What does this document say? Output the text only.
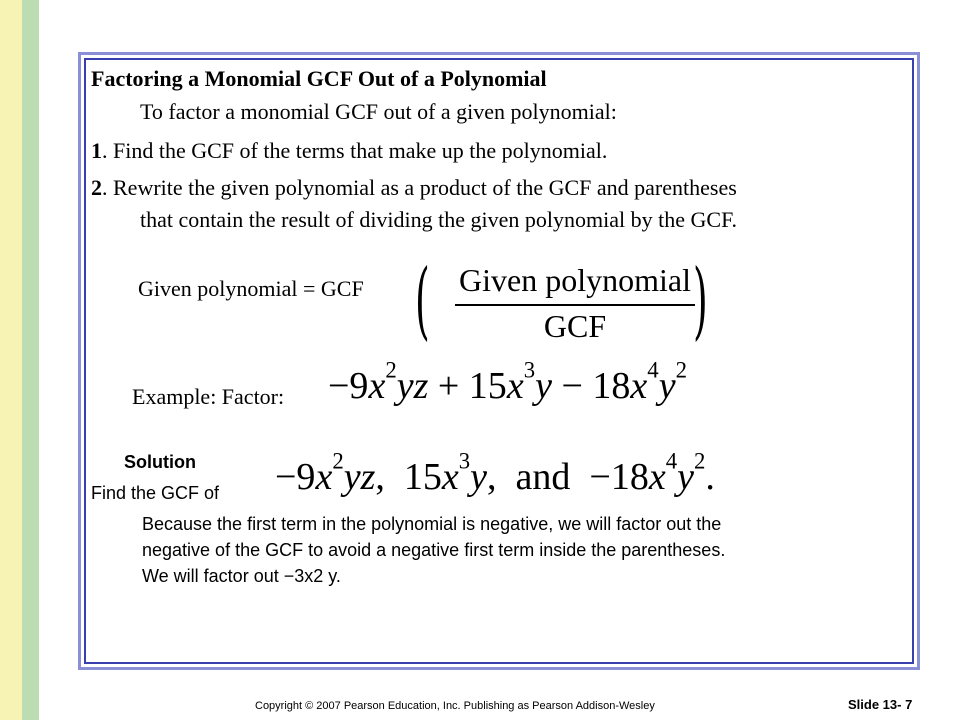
Factoring a Monomial GCF Out of a Polynomial
To factor a monomial GCF out of a given polynomial:
1. Find the GCF of the terms that make up the polynomial.
2. Rewrite the given polynomial as a product of the GCF and parentheses
that contain the result of dividing the given polynomial by the GCF.
Given polynomial = GCF ( Given polynomial
GCF	)
Example: Factor: $-9x^2yz + 15x^3y - 18x^4y^2$
Solution
Find the GCF of $-9x^2yz$,  $15x^3y$,  and  $-18x^4y^2$.
Because the first term in the polynomial is negative, we will factor out the
negative of the GCF to avoid a negative first term inside the parentheses.
We will factor out −3x2 y.
Copyright © 2007 Pearson Education, Inc. Publishing as Pearson Addison-Wesley	Slide 13- 7
